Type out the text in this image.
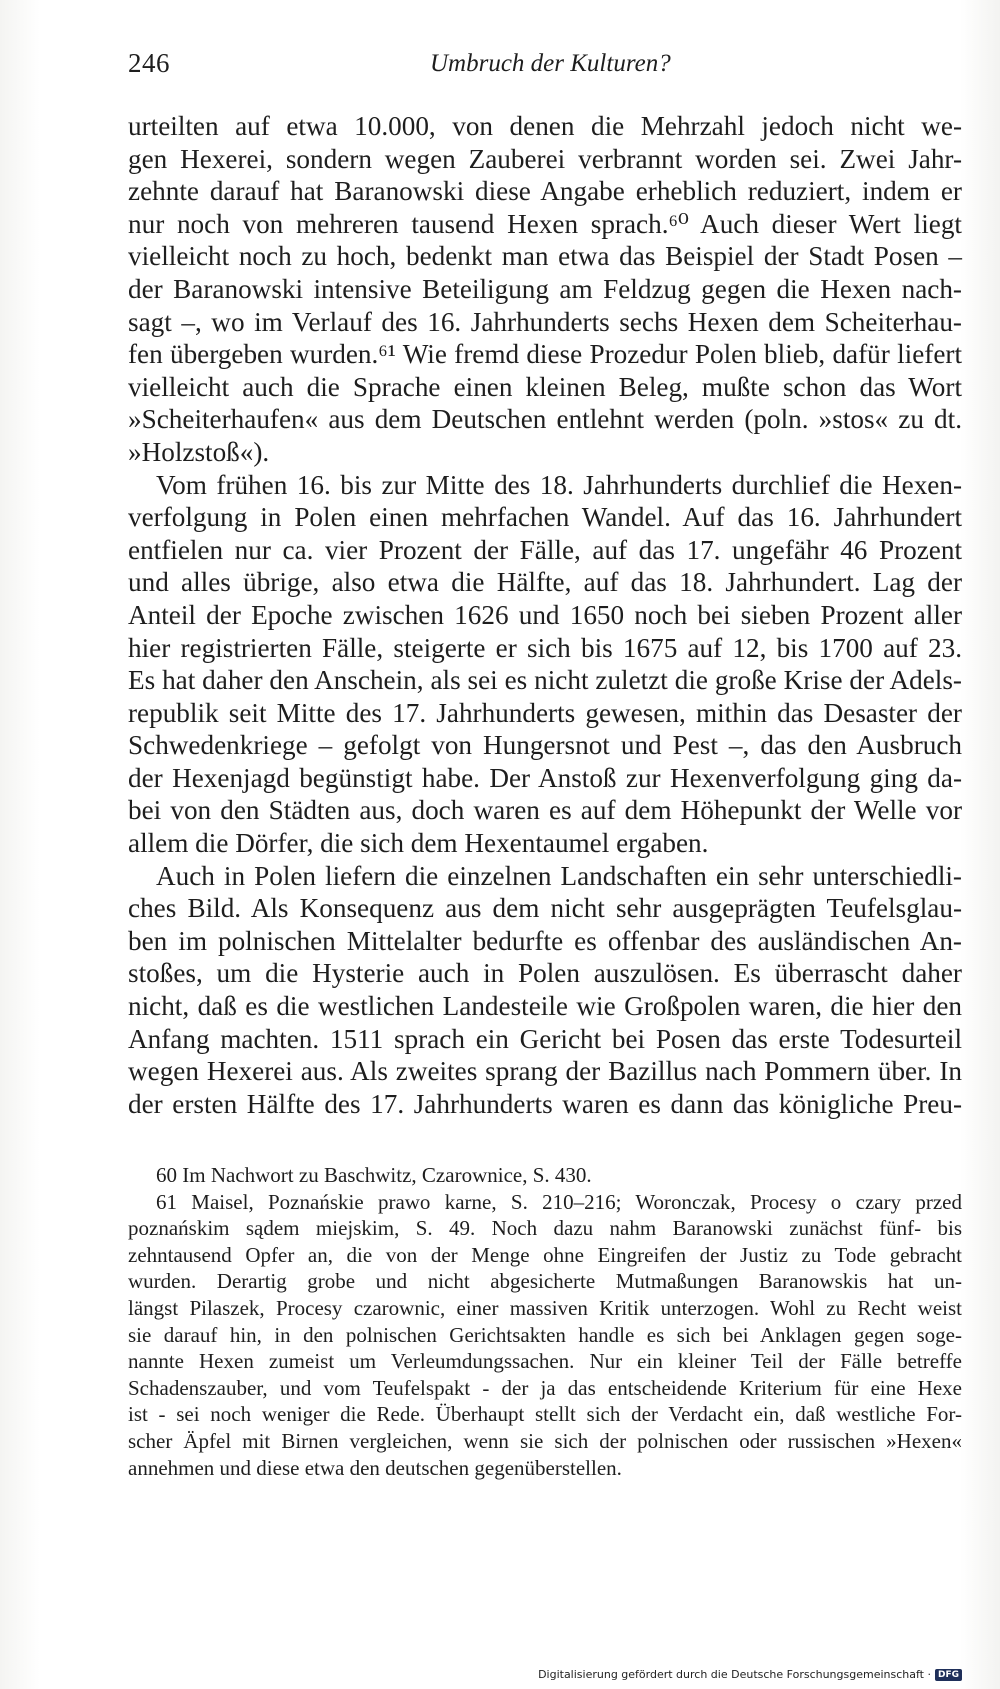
246	Umbruch der Kulturen?
urteilten auf etwa 10.000, von denen die Mehrzahl jedoch nicht we-
gen Hexerei, sondern wegen Zauberei verbrannt worden sei. Zwei Jahr-
zehnte darauf hat Baranowski diese Angabe erheblich reduziert, indem er
nur noch von mehreren tausend Hexen sprach.⁶⁰ Auch dieser Wert liegt
vielleicht noch zu hoch, bedenkt man etwa das Beispiel der Stadt Posen –
der Baranowski intensive Beteiligung am Feldzug gegen die Hexen nach-
sagt –, wo im Verlauf des 16. Jahrhunderts sechs Hexen dem Scheiterhau-
fen übergeben wurden.⁶¹ Wie fremd diese Prozedur Polen blieb, dafür liefert
vielleicht auch die Sprache einen kleinen Beleg, mußte schon das Wort
»Scheiterhaufen« aus dem Deutschen entlehnt werden (poln. »stos« zu dt.
»Holzstoß«).
Vom frühen 16. bis zur Mitte des 18. Jahrhunderts durchlief die Hexen-
verfolgung in Polen einen mehrfachen Wandel. Auf das 16. Jahrhundert
entfielen nur ca. vier Prozent der Fälle, auf das 17. ungefähr 46 Prozent
und alles übrige, also etwa die Hälfte, auf das 18. Jahrhundert. Lag der
Anteil der Epoche zwischen 1626 und 1650 noch bei sieben Prozent aller
hier registrierten Fälle, steigerte er sich bis 1675 auf 12, bis 1700 auf 23.
Es hat daher den Anschein, als sei es nicht zuletzt die große Krise der Adels-
republik seit Mitte des 17. Jahrhunderts gewesen, mithin das Desaster der
Schwedenkriege – gefolgt von Hungersnot und Pest –, das den Ausbruch
der Hexenjagd begünstigt habe. Der Anstoß zur Hexenverfolgung ging da-
bei von den Städten aus, doch waren es auf dem Höhepunkt der Welle vor
allem die Dörfer, die sich dem Hexentaumel ergaben.
Auch in Polen liefern die einzelnen Landschaften ein sehr unterschiedli-
ches Bild. Als Konsequenz aus dem nicht sehr ausgeprägten Teufelsglau-
ben im polnischen Mittelalter bedurfte es offenbar des ausländischen An-
stoßes, um die Hysterie auch in Polen auszulösen. Es überrascht daher
nicht, daß es die westlichen Landesteile wie Großpolen waren, die hier den
Anfang machten. 1511 sprach ein Gericht bei Posen das erste Todesurteil
wegen Hexerei aus. Als zweites sprang der Bazillus nach Pommern über. In
der ersten Hälfte des 17. Jahrhunderts waren es dann das königliche Preu-
60 Im Nachwort zu Baschwitz, Czarownice, S. 430.
61 Maisel, Poznańskie prawo karne, S. 210–216; Woronczak, Procesy o czary przed
poznańskim sądem miejskim, S. 49. Noch dazu nahm Baranowski zunächst fünf- bis
zehntausend Opfer an, die von der Menge ohne Eingreifen der Justiz zu Tode gebracht
wurden. Derartig grobe und nicht abgesicherte Mutmaßungen Baranowskis hat un-
längst Pilaszek, Procesy czarownic, einer massiven Kritik unterzogen. Wohl zu Recht weist
sie darauf hin, in den polnischen Gerichtsakten handle es sich bei Anklagen gegen soge-
nannte Hexen zumeist um Verleumdungssachen. Nur ein kleiner Teil der Fälle betreffe
Schadenszauber, und vom Teufelspakt - der ja das entscheidende Kriterium für eine Hexe
ist - sei noch weniger die Rede. Überhaupt stellt sich der Verdacht ein, daß westliche For-
scher Äpfel mit Birnen vergleichen, wenn sie sich der polnischen oder russischen »Hexen«
annehmen und diese etwa den deutschen gegenüberstellen.
Digitalisierung gefördert durch die Deutsche Forschungsgemeinschaft · DFG
